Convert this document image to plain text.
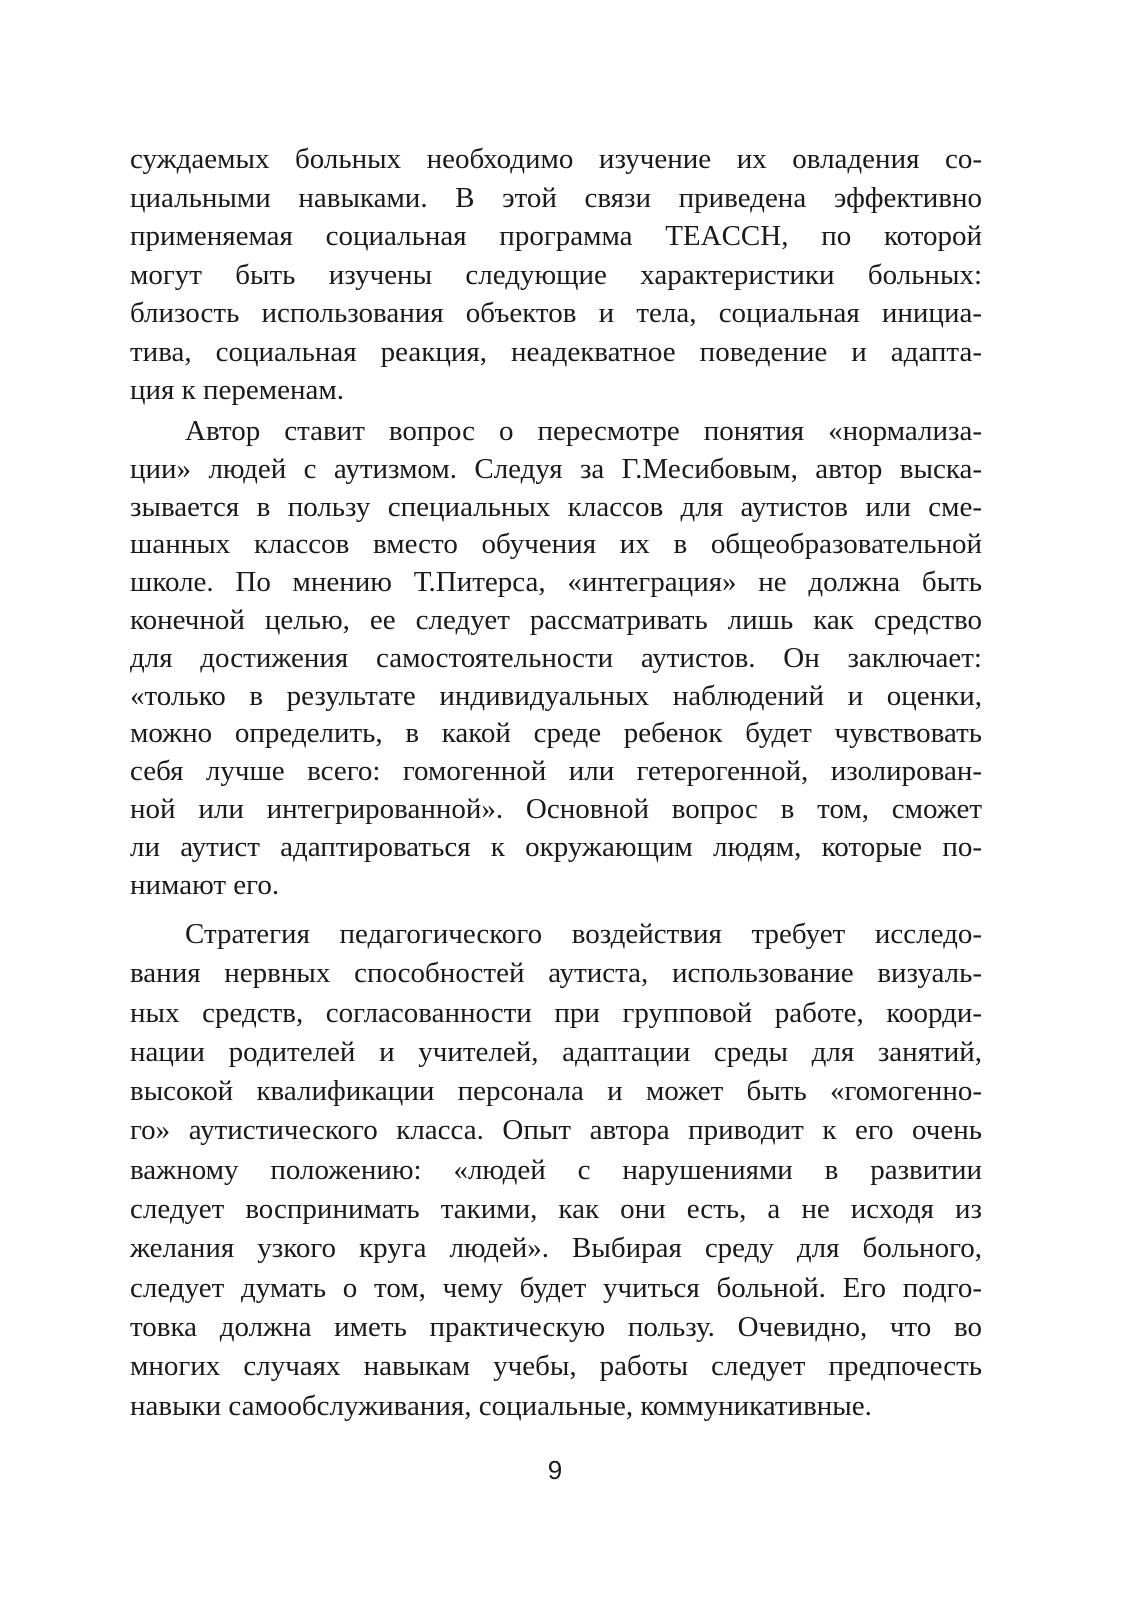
суждаемых больных необходимо изучение их овладения со-
циальными навыками. В этой связи приведена эффективно
применяемая социальная программа TEACCH, по которой
могут быть изучены следующие характеристики больных:
близость использования объектов и тела, социальная инициа-
тива, социальная реакция, неадекватное поведение и адапта-
ция к переменам.
Автор ставит вопрос о пересмотре понятия «нормализа-
ции» людей с аутизмом. Следуя за Г.Месибовым, автор выска-
зывается в пользу специальных классов для аутистов или сме-
шанных классов вместо обучения их в общеобразовательной
школе. По мнению Т.Питерса, «интеграция» не должна быть
конечной целью, ее следует рассматривать лишь как средство
для достижения самостоятельности аутистов. Он заключает:
«только в результате индивидуальных наблюдений и оценки,
можно определить, в какой среде ребенок будет чувствовать
себя лучше всего: гомогенной или гетерогенной, изолирован-
ной или интегрированной». Основной вопрос в том, сможет
ли аутист адаптироваться к окружающим людям, которые по-
нимают его.
Стратегия педагогического воздействия требует исследо-
вания нервных способностей аутиста, использование визуаль-
ных средств, согласованности при групповой работе, коорди-
нации родителей и учителей, адаптации среды для занятий,
высокой квалификации персонала и может быть «гомогенно-
го» аутистического класса. Опыт автора приводит к его очень
важному положению: «людей с нарушениями в развитии
следует воспринимать такими, как они есть, а не исходя из
желания узкого круга людей». Выбирая среду для больного,
следует думать о том, чему будет учиться больной. Его подго-
товка должна иметь практическую пользу. Очевидно, что во
многих случаях навыкам учебы, работы следует предпочесть
навыки самообслуживания, социальные, коммуникативные.
9
